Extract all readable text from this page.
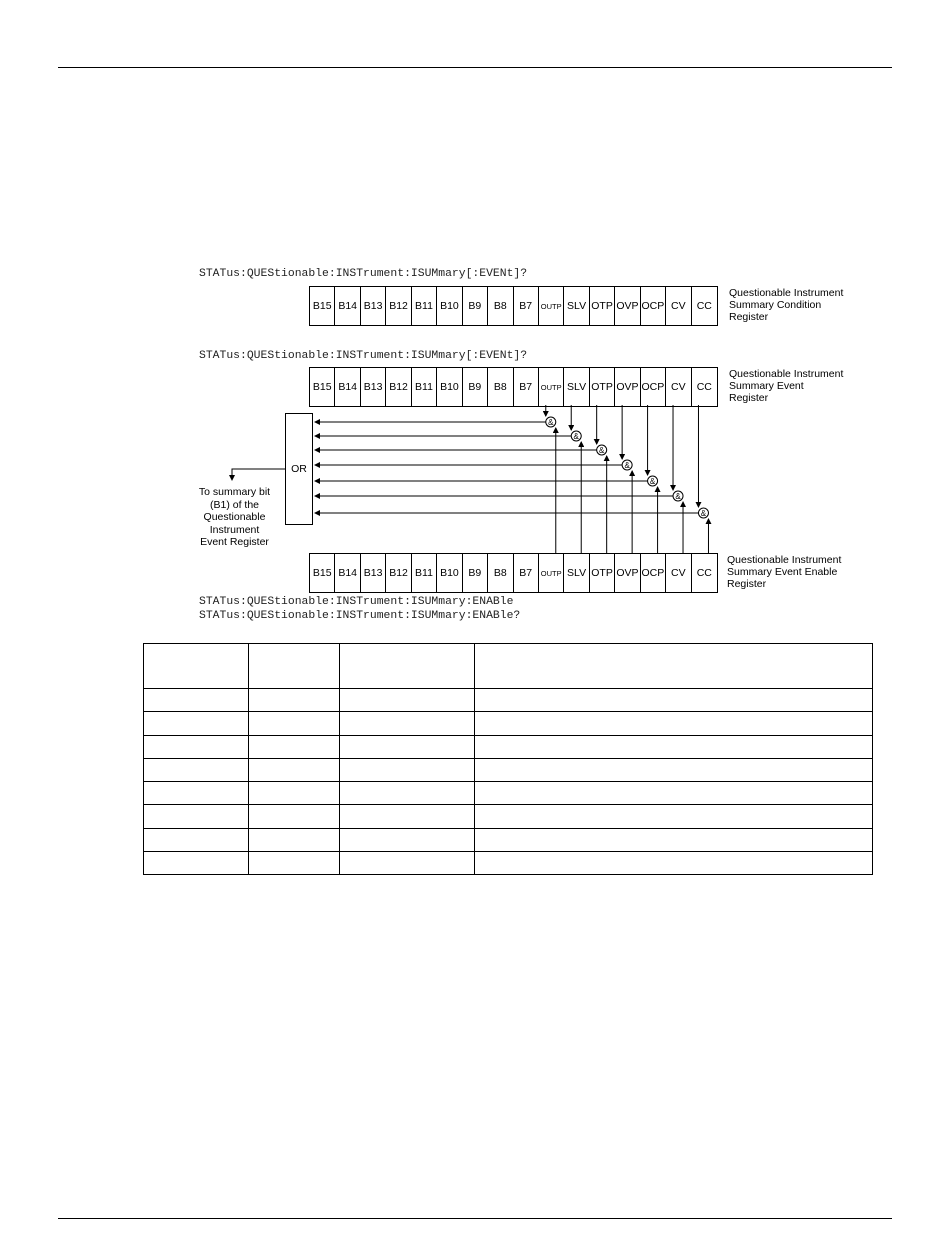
STATus:QUEStionable:INSTrument:ISUMmary[:EVENt]?
B15 B14 B13 B12 B11 B10 B9	B8	B7	OUTP SLV OTP OVP OCP CV	CC
Questionable Instrument
Summary Condition
Register
STATus:QUEStionable:INSTrument:ISUMmary[:EVENt]?
B15 B14 B13 B12 B11 B10 B9	B8	B7	OUTP SLV OTP OVP OCP CV	CC
Questionable Instrument
Summary Event
Register
OR
To summary bit
(B1) of the
Questionable
Instrument
Event Register
B15 B14 B13 B12 B11 B10 B9	B8	B7	OUTP SLV OTP OVP OCP CV	CC
Questionable Instrument
Summary Event Enable
Register
STATus:QUEStionable:INSTrument:ISUMmary:ENABle
STATus:QUEStionable:INSTrument:ISUMmary:ENABle?
&
&
&
&
&
&
&
